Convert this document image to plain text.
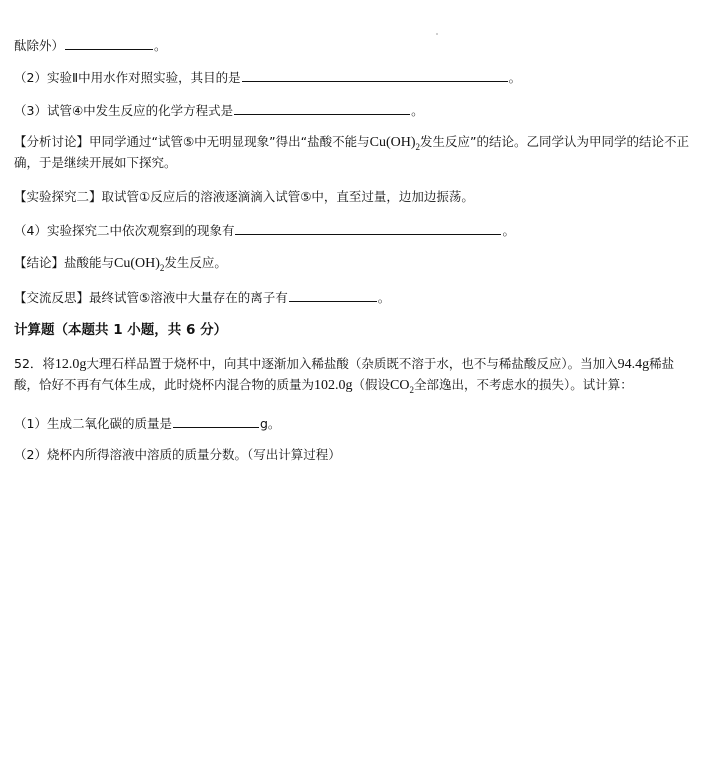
酞除外）	。
（2）实验Ⅱ中用水作对照实验，其目的是	。
（3）试管④中发生反应的化学方程式是	。
【分析讨论】甲同学通过“试管⑤中无明显现象”得出“盐酸不能与$Cu(OH)_2$发生反应”的结论。乙同学认为甲同学的结论不正确，于是继续开展如下探究。
【实验探究二】取试管①反应后的溶液逐滴滴入试管⑤中，直至过量，边加边振荡。
（4）实验探究二中依次观察到的现象有	。
【结论】盐酸能与$Cu(OH)_2$发生反应。
【交流反思】最终试管⑤溶液中大量存在的离子有	。
计算题（本题共 1 小题，共 6 分）
52．将12.0g大理石样品置于烧杯中，向其中逐渐加入稀盐酸（杂质既不溶于水，也不与稀盐酸反应）。当加入94.4g稀盐酸，恰好不再有气体生成，此时烧杯内混合物的质量为102.0g（假设$CO_2$全部逸出，不考虑水的损失）。试计算：
（1）生成二氧化碳的质量是	g。
（2）烧杯内所得溶液中溶质的质量分数。（写出计算过程）
